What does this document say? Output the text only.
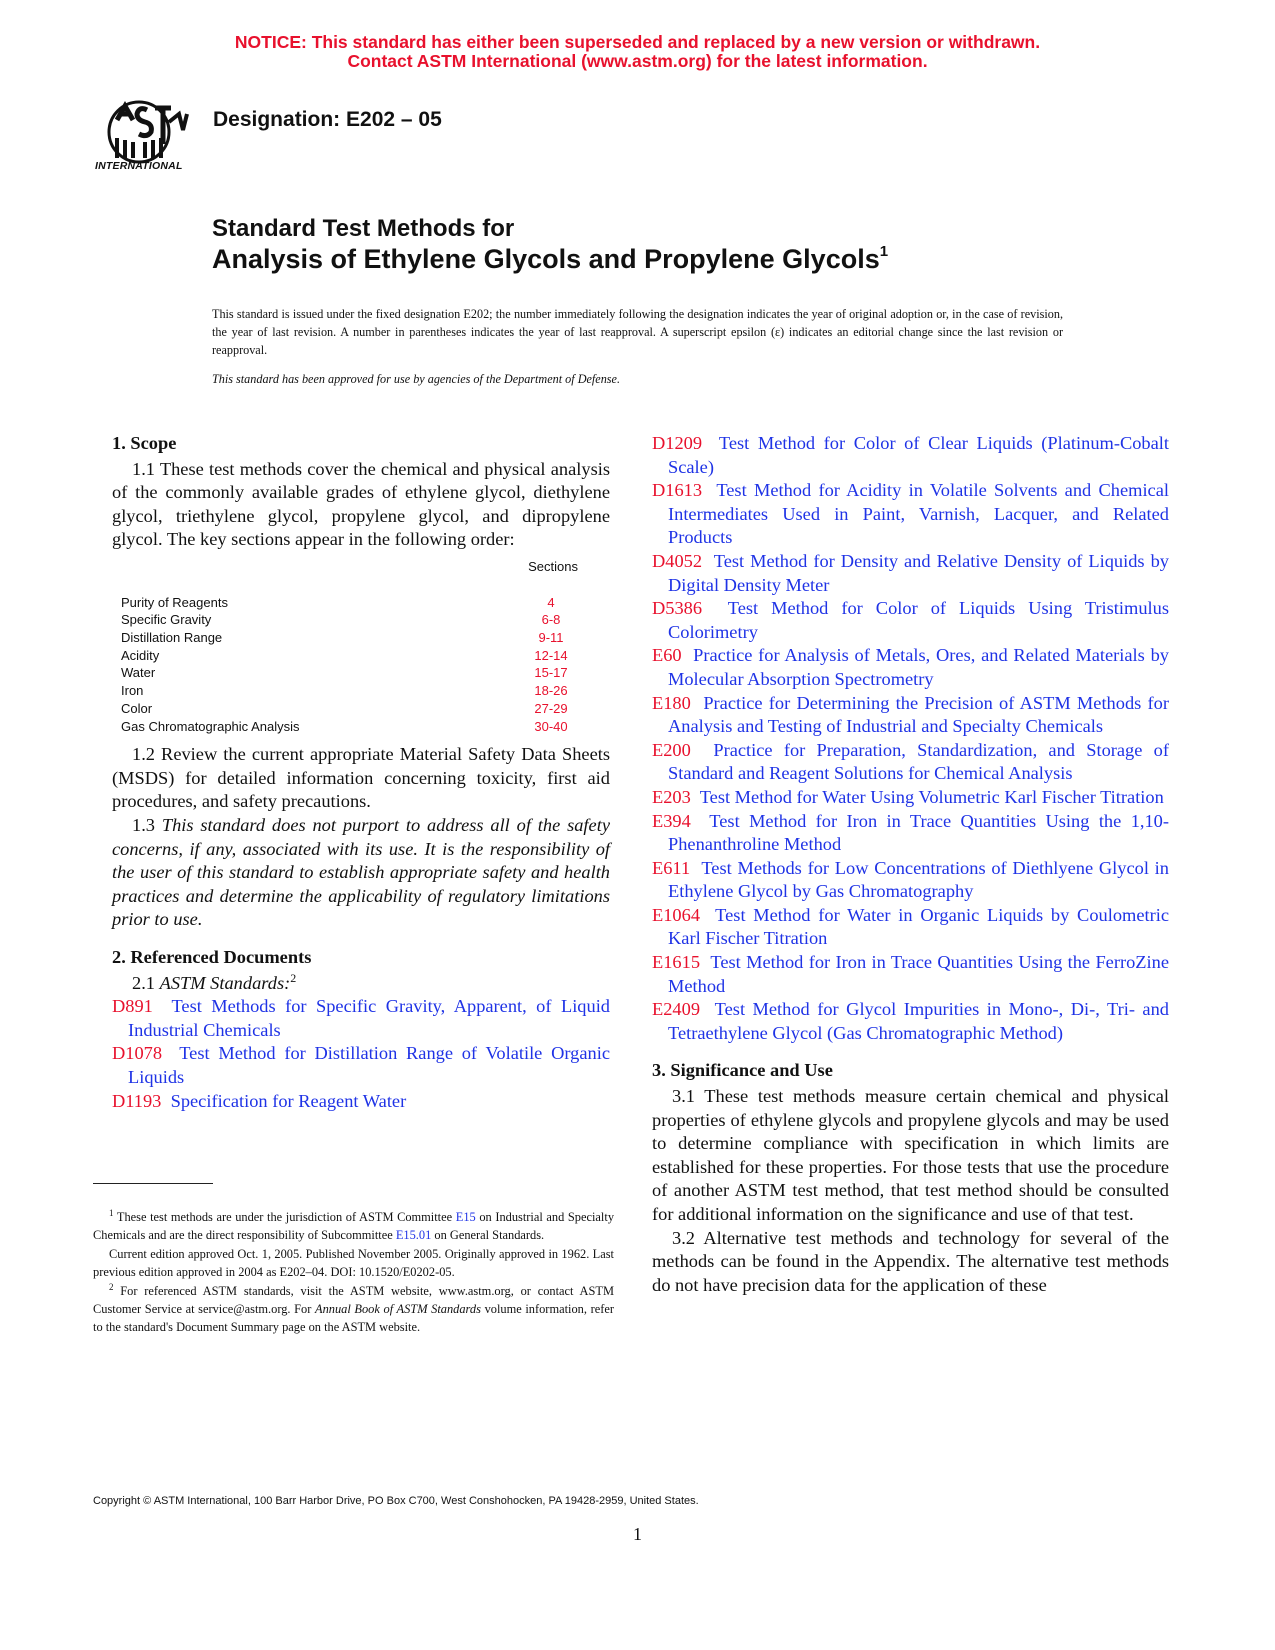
NOTICE: This standard has either been superseded and replaced by a new version or withdrawn.
Contact ASTM International (www.astm.org) for the latest information.
INTERNATIONAL
Designation: E202 – 05
Standard Test Methods for
Analysis of Ethylene Glycols and Propylene Glycols$^1$
This standard is issued under the fixed designation E202; the number immediately following the designation indicates the year of original adoption or, in the case of revision, the year of last revision. A number in parentheses indicates the year of last reapproval. A superscript epsilon (ε) indicates an editorial change since the last revision or reapproval.
This standard has been approved for use by agencies of the Department of Defense.
1. Scope

1.1 These test methods cover the chemical and physical analysis of the commonly available grades of ethylene glycol, diethylene glycol, triethylene glycol, propylene glycol, and dipropylene glycol. The key sections appear in the following order:

Sections
Purity of Reagents	4
Specific Gravity	6-8
Distillation Range	9-11
Acidity	12-14
Water	15-17
Iron	18-26
Color	27-29
Gas Chromatographic Analysis	30-40

1.2 Review the current appropriate Material Safety Data Sheets (MSDS) for detailed information concerning toxicity, first aid procedures, and safety precautions.

1.3 This standard does not purport to address all of the safety concerns, if any, associated with its use. It is the responsibility of the user of this standard to establish appropriate safety and health practices and determine the applicability of regulatory limitations prior to use.

2. Referenced Documents

2.1 ASTM Standards:$^2$

D891 Test Methods for Specific Gravity, Apparent, of Liquid Industrial Chemicals

D1078 Test Method for Distillation Range of Volatile Organic Liquids

D1193 Specification for Reagent Water

D1209 Test Method for Color of Clear Liquids (Platinum-Cobalt Scale)

D1613 Test Method for Acidity in Volatile Solvents and Chemical Intermediates Used in Paint, Varnish, Lacquer, and Related Products

D4052 Test Method for Density and Relative Density of Liquids by Digital Density Meter

D5386 Test Method for Color of Liquids Using Tristimulus Colorimetry

E60 Practice for Analysis of Metals, Ores, and Related Materials by Molecular Absorption Spectrometry

E180 Practice for Determining the Precision of ASTM Methods for Analysis and Testing of Industrial and Specialty Chemicals

E200 Practice for Preparation, Standardization, and Storage of Standard and Reagent Solutions for Chemical Analysis

E203 Test Method for Water Using Volumetric Karl Fischer Titration

E394 Test Method for Iron in Trace Quantities Using the 1,10-Phenanthroline Method

E611 Test Methods for Low Concentrations of Diethlyene Glycol in Ethylene Glycol by Gas Chromatography

E1064 Test Method for Water in Organic Liquids by Coulometric Karl Fischer Titration

E1615 Test Method for Iron in Trace Quantities Using the FerroZine Method

E2409 Test Method for Glycol Impurities in Mono-, Di-, Tri- and Tetraethylene Glycol (Gas Chromatographic Method)

3. Significance and Use

3.1 These test methods measure certain chemical and physical properties of ethylene glycols and propylene glycols and may be used to determine compliance with specification in which limits are established for these properties. For those tests that use the procedure of another ASTM test method, that test method should be consulted for additional information on the significance and use of that test.

3.2 Alternative test methods and technology for several of the methods can be found in the Appendix. The alternative test methods do not have precision data for the application of these

$^1$ These test methods are under the jurisdiction of ASTM Committee E15 on Industrial and Specialty Chemicals and are the direct responsibility of Subcommittee E15.01 on General Standards.

Current edition approved Oct. 1, 2005. Published November 2005. Originally approved in 1962. Last previous edition approved in 2004 as E202–04. DOI: 10.1520/E0202-05.

$^2$ For referenced ASTM standards, visit the ASTM website, www.astm.org, or contact ASTM Customer Service at service@astm.org. For Annual Book of ASTM Standards volume information, refer to the standard's Document Summary page on the ASTM website.

Copyright © ASTM International, 100 Barr Harbor Drive, PO Box C700, West Conshohocken, PA 19428-2959, United States.
1
